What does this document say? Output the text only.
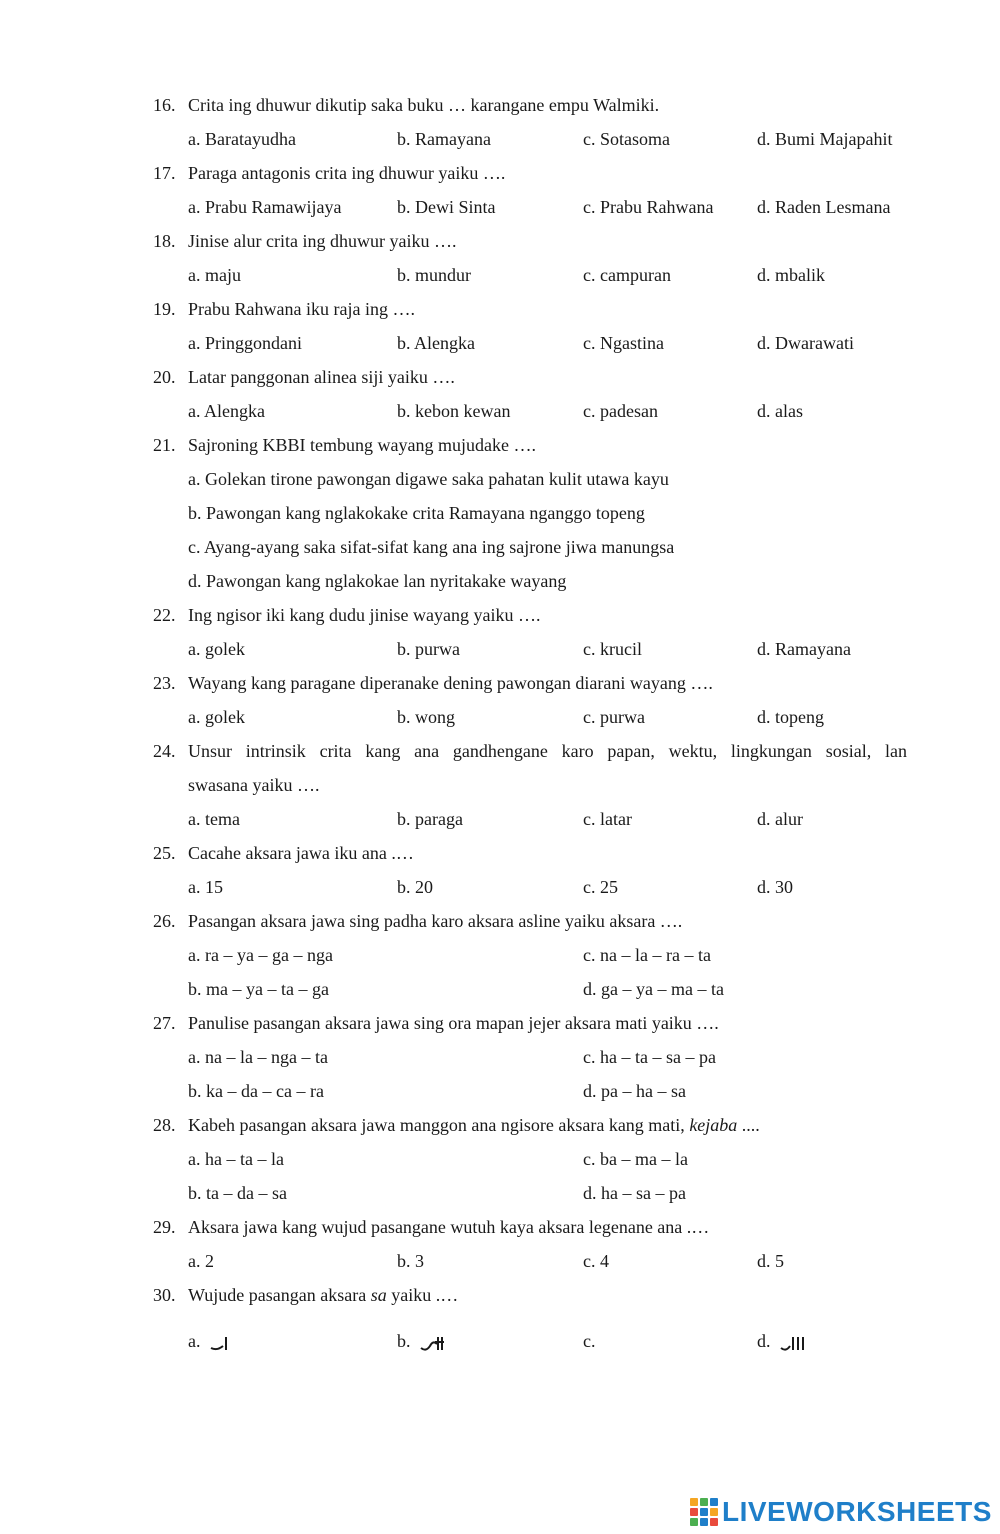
16. Crita ing dhuwur dikutip saka buku … karangane empu Walmiki.
a. Baratayudha	b. Ramayana	c. Sotasoma	d. Bumi Majapahit
17. Paraga antagonis crita ing dhuwur yaiku ….
a. Prabu Ramawijaya	b. Dewi Sinta	c. Prabu Rahwana d. Raden Lesmana
18. Jinise alur crita ing dhuwur yaiku ….
a. maju	b. mundur	c. campuran	d. mbalik
19. Prabu Rahwana iku raja ing ….
a. Pringgondani	b. Alengka	c. Ngastina	d. Dwarawati
20. Latar panggonan alinea siji yaiku ….
a. Alengka	b. kebon kewan	c. padesan	d. alas
21. Sajroning KBBI tembung wayang mujudake ….
a. Golekan tirone pawongan digawe saka pahatan kulit utawa kayu
b. Pawongan kang nglakokake crita Ramayana nganggo topeng
c. Ayang-ayang saka sifat-sifat kang ana ing sajrone jiwa manungsa
d. Pawongan kang nglakokae lan nyritakake wayang
22. Ing ngisor iki kang dudu jinise wayang yaiku ….
a. golek	b. purwa	c. krucil	d. Ramayana
23. Wayang kang paragane diperanake dening pawongan diarani wayang ….
a. golek	b. wong	c. purwa	d. topeng
24. Unsur intrinsik crita kang ana gandhengane karo papan, wektu, lingkungan sosial, lan
swasana yaiku ….
a. tema	b. paraga	c. latar	d. alur
25. Cacahe aksara jawa iku ana .…
a. 15	b. 20	c. 25	d. 30
26. Pasangan aksara jawa sing padha karo aksara asline yaiku aksara ….
a. ra – ya – ga – nga	c. na – la – ra – ta
b. ma – ya – ta – ga	d. ga – ya – ma – ta
27. Panulise pasangan aksara jawa sing ora mapan jejer aksara mati yaiku ….
a. na – la – nga – ta	c. ha – ta – sa – pa
b. ka – da – ca – ra	d. pa – ha – sa
28. Kabeh pasangan aksara jawa manggon ana ngisore aksara kang mati, kejaba ....
a. ha – ta – la	c. ba – ma – la
b. ta – da – sa	d. ha – sa – pa
29. Aksara jawa kang wujud pasangane wutuh kaya aksara legenane ana .…
a. 2	b. 3	c. 4	d. 5
30. Wujude pasangan aksara sa yaiku .…
a.	b.	c.	d.
LIVEWORKSHEETS
